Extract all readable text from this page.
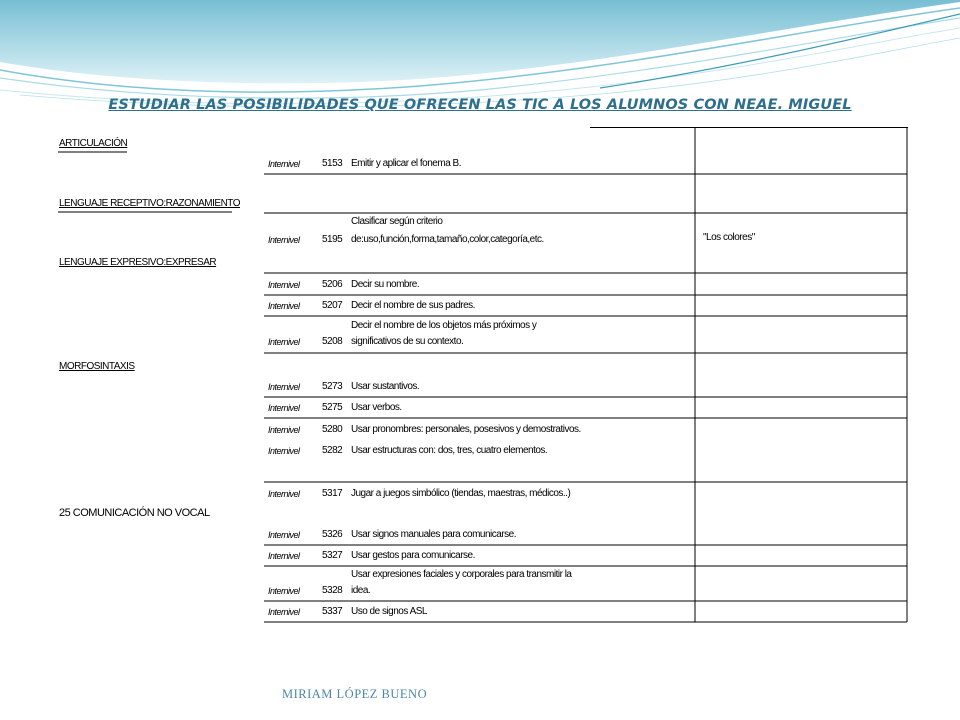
ESTUDIAR LAS POSIBILIDADES QUE OFRECEN LAS TIC A LOS ALUMNOS CON NEAE. MIGUEL
ARTICULACIÓN
LENGUAJE RECEPTIVO:RAZONAMIENTO
LENGUAJE EXPRESIVO:EXPRESAR
MORFOSINTAXIS
25 COMUNICACIÓN NO VOCAL
Internivel 5153 Emitir y aplicar el fonema B.
Clasificar según criterio
Internivel 5195 de:uso,función,forma,tamaño,color,categoría,etc.	"Los colores"
Internivel 5206 Decir su nombre.
Internivel 5207 Decir el nombre de sus padres.
Decir el nombre de los objetos más próximos y
Internivel 5208 significativos de su contexto.
Internivel 5273 Usar sustantivos.
Internivel 5275 Usar verbos.
Internivel 5280 Usar pronombres: personales, posesivos y demostrativos.
Internivel 5282 Usar estructuras con: dos, tres, cuatro elementos.
Internivel 5317 Jugar a juegos simbólico (tiendas, maestras, médicos..)
Internivel 5326 Usar signos manuales para comunicarse.
Internivel 5327 Usar gestos para comunicarse.
Usar expresiones faciales y corporales para transmitir la
Internivel 5328 idea.
Internivel 5337 Uso de signos ASL
MIRIAM LÓPEZ BUENO
